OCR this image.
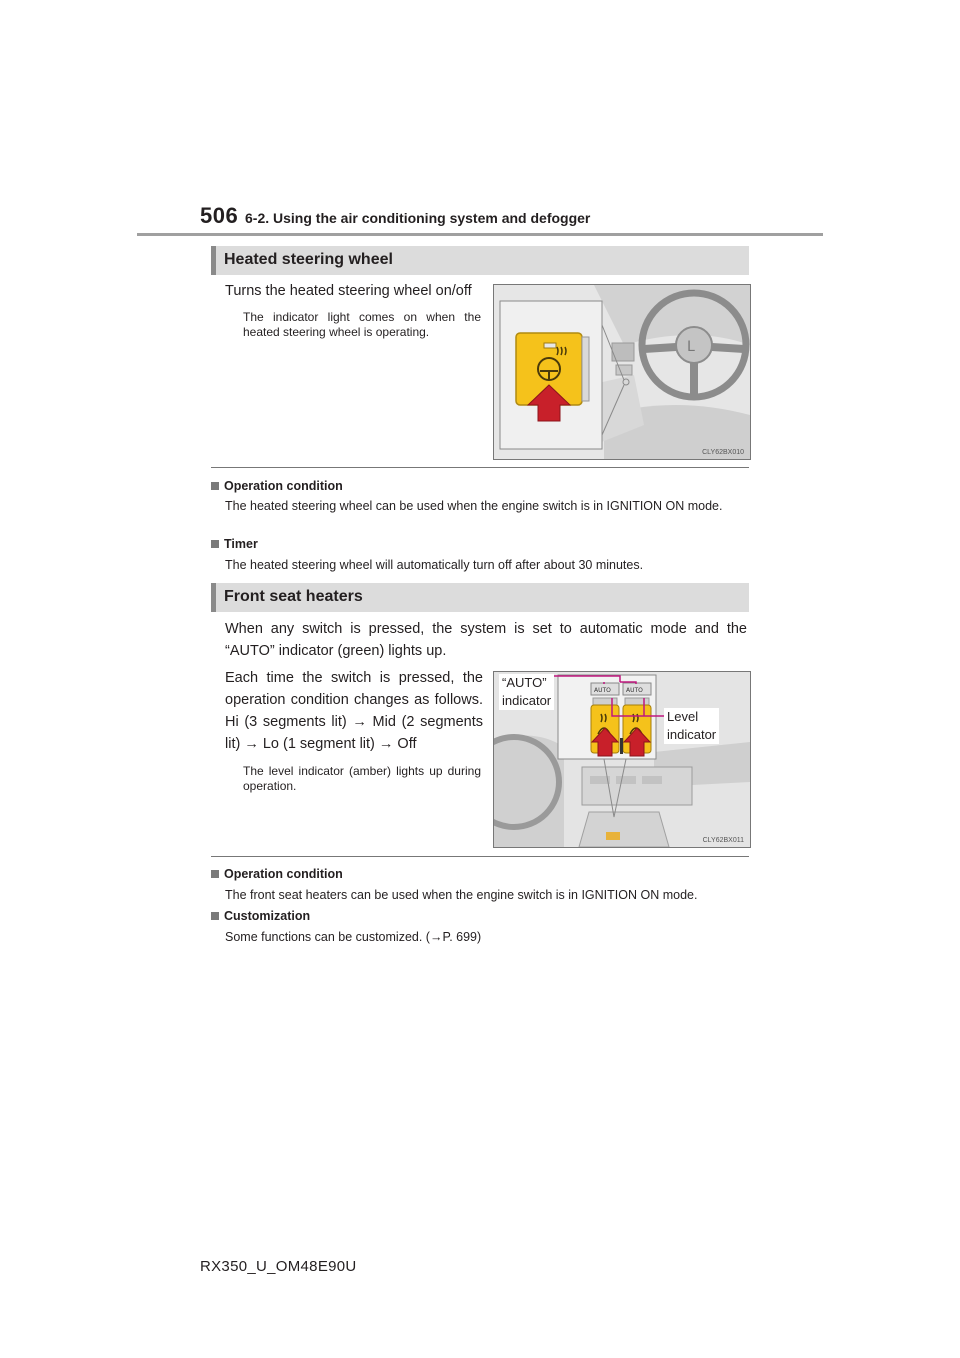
506 6-2. Using the air conditioning system and defogger
Heated steering wheel
Turns the heated steering wheel on/off
The indicator light comes on when the heated steering wheel is operating.
L
CLY62BX010
Operation condition
The heated steering wheel can be used when the engine switch is in IGNITION ON mode.
Timer
The heated steering wheel will automatically turn off after about 30 minutes.
Front seat heaters
When any switch is pressed, the system is set to automatic mode and the “AUTO” indicator (green) lights up.
Each time the switch is pressed, the operation condition changes as follows. Hi (3 segments lit) → Mid (2 segments lit) → Lo (1 segment lit) → Off
The level indicator (amber) lights up during operation.
AUTO	AUTO
CLY62BX011
“AUTO”
indicator
Level
indicator
Operation condition
The front seat heaters can be used when the engine switch is in IGNITION ON mode.
Customization
Some functions can be customized. (→P. 699)
RX350_U_OM48E90U
